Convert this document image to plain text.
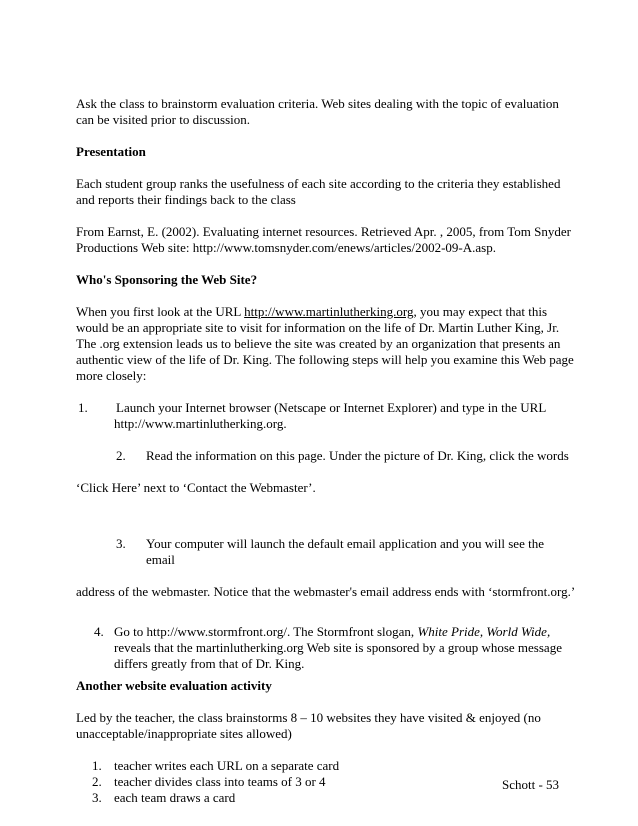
Ask the class to brainstorm evaluation criteria. Web sites dealing with the topic of evaluation can be visited prior to discussion.

Presentation

Each student group ranks the usefulness of each site according to the criteria they established and reports their findings back to the class

From Earnst, E. (2002). Evaluating internet resources. Retrieved Apr. , 2005, from Tom Snyder Productions Web site: http://www.tomsnyder.com/enews/articles/2002-09-A.asp.

Who's Sponsoring the Web Site?

When you first look at the URL http://www.martinlutherking.org, you may expect that this would be an appropriate site to visit for information on the life of Dr. Martin Luther King, Jr. The .org extension leads us to believe the site was created by an organization that presents an authentic view of the life of Dr. King. The following steps will help you examine this Web page more closely:

1.	Launch your Internet browser (Netscape or Internet Explorer) and type in the URL
http://www.martinlutherking.org.
2.	Read the information on this page. Under the picture of Dr. King, click the words
‘Click Here’ next to ‘Contact the Webmaster’.
3.	Your computer will launch the default email application and you will see the email
address of the webmaster. Notice that the webmaster's email address ends with ‘stormfront.org.’
4. Go to http://www.stormfront.org/. The Stormfront slogan, White Pride, World Wide, reveals that the martinlutherking.org Web site is sponsored by a group whose message differs greatly from that of Dr. King.

Another website evaluation activity

Led by the teacher, the class brainstorms 8 – 10 websites they have visited & enjoyed (no unacceptable/inappropriate sites allowed)

1. teacher writes each URL on a separate card
2. teacher divides class into teams of 3 or 4
3. each team draws a card
Schott - 53
